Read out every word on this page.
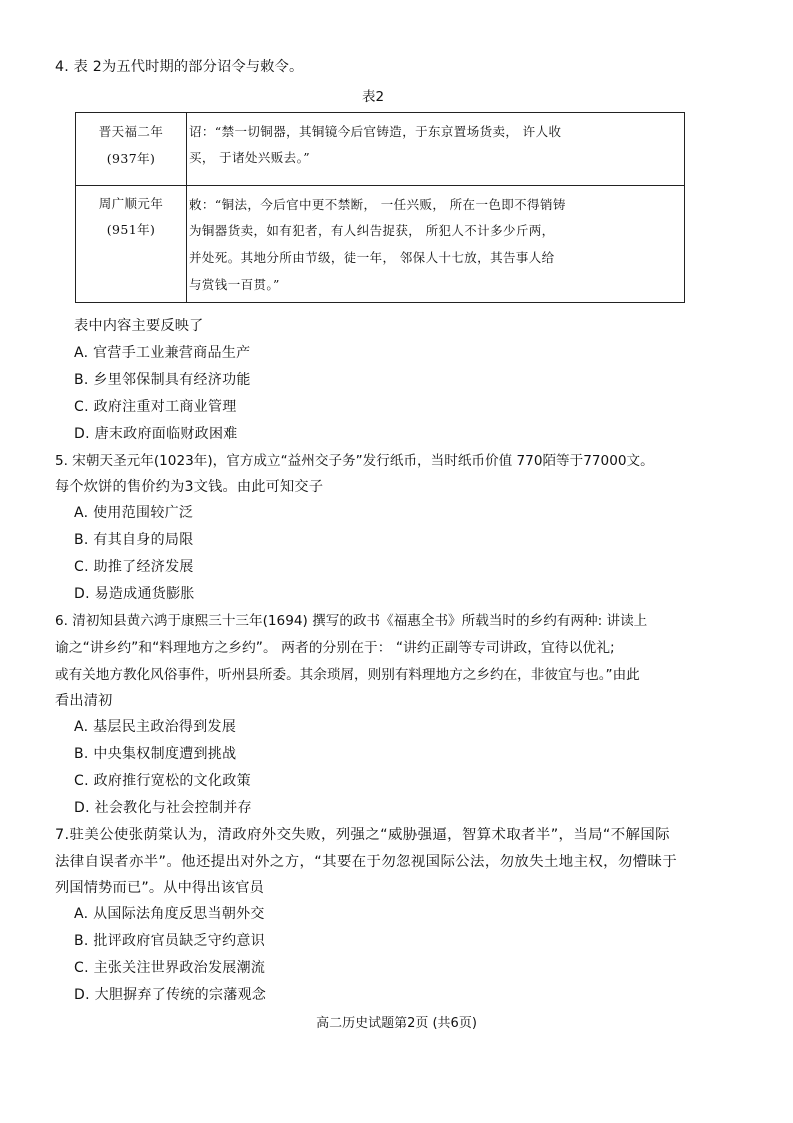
4. 表 2为五代时期的部分诏令与敕令。
表2
晋天福二年
(937年)
诏：“禁一切铜器，其铜镜今后官铸造，于东京置场货卖， 许人收
买， 于诸处兴贩去。”
周广顺元年
(951年)
敕：“铜法，今后官中更不禁断， 一任兴贩， 所在一色即不得销铸
为铜器货卖，如有犯者，有人纠告捉获， 所犯人不计多少斤两，
并处死。其地分所由节级，徒一年， 邻保人十七放，其告事人给
与赏钱一百贯。”
表中内容主要反映了
A. 官营手工业兼营商品生产
B. 乡里邻保制具有经济功能
C. 政府注重对工商业管理
D. 唐末政府面临财政困难
5. 宋朝天圣元年(1023年)，官方成立“益州交子务”发行纸币，当时纸币价值 770陌等于77000文。
每个炊饼的售价约为3文钱。由此可知交子
A. 使用范围较广泛
B. 有其自身的局限
C. 助推了经济发展
D. 易造成通货膨胀
6. 清初知县黄六鸿于康熙三十三年(1694) 撰写的政书《福惠全书》所载当时的乡约有两种: 讲读上
谕之“讲乡约”和“料理地方之乡约”。 两者的分别在于： “讲约正副等专司讲政，宜待以优礼;
或有关地方教化风俗事件，听州县所委。其余琐屑，则别有料理地方之乡约在，非彼宜与也。”由此
看出清初
A. 基层民主政治得到发展
B. 中央集权制度遭到挑战
C. 政府推行宽松的文化政策
D. 社会教化与社会控制并存
7.驻美公使张荫棠认为，清政府外交失败，列强之“威胁强逼，智算术取者半”，当局“不解国际
法律自误者亦半”。他还提出对外之方，“其要在于勿忽视国际公法，勿放失土地主权，勿懵昧于
列国情势而已”。从中得出该官员
A. 从国际法角度反思当朝外交
B. 批评政府官员缺乏守约意识
C. 主张关注世界政治发展潮流
D. 大胆摒弃了传统的宗藩观念
高二历史试题第2页 (共6页)
